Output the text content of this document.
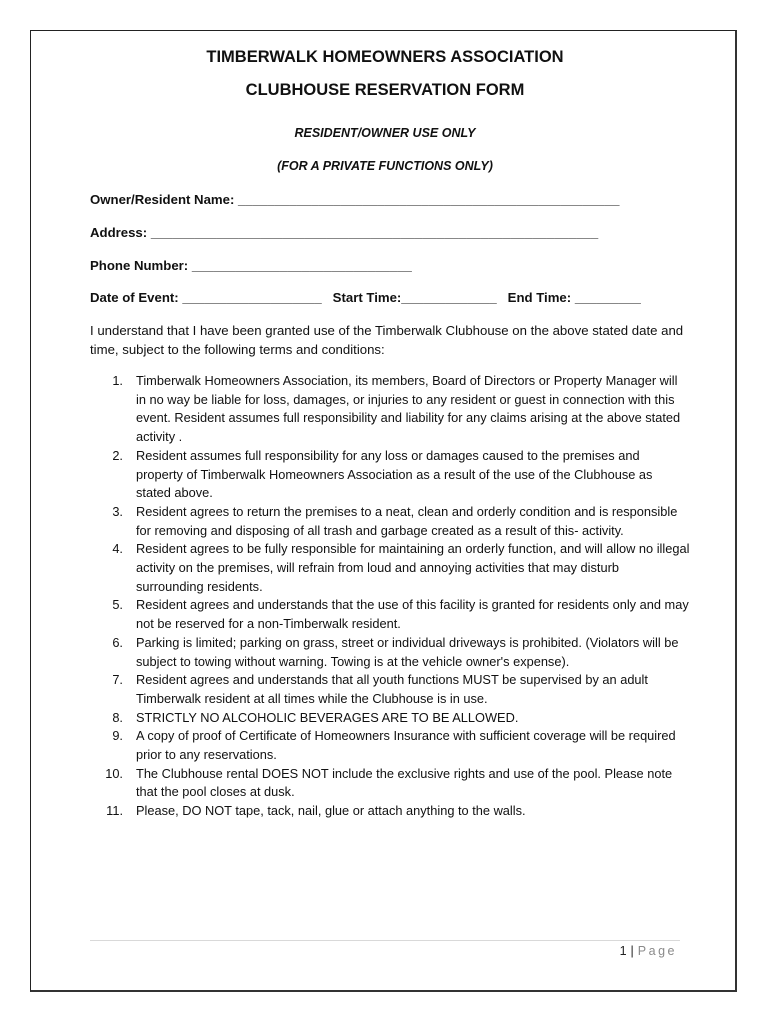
TIMBERWALK HOMEOWNERS ASSOCIATION
CLUBHOUSE RESERVATION FORM

RESIDENT/OWNER USE ONLY

(FOR A PRIVATE FUNCTIONS ONLY)

Owner/Resident Name: ____________________________________________________
Address: _____________________________________________________________
Phone Number: ______________________________
Date of Event: ___________________   Start Time:_____________   End Time: _________

I understand that I have been granted use of the Timberwalk Clubhouse on the above stated date and time, subject to the following terms and conditions:

1. Timberwalk Homeowners Association, its members, Board of Directors or Property Manager will in no way be liable for loss, damages, or injuries to any resident or guest in connection with this event. Resident assumes full responsibility and liability for any claims arising at the above stated activity .
2. Resident assumes full responsibility for any loss or damages caused to the premises and property of Timberwalk Homeowners Association as a result of the use of the Clubhouse as stated above.
3. Resident agrees to return the premises to a neat, clean and orderly condition and is responsible for removing and disposing of all trash and garbage created as a result of this- activity.
4. Resident agrees to be fully responsible for maintaining an orderly function, and will allow no illegal activity on the premises, will refrain from loud and annoying activities that may disturb surrounding residents.
5. Resident agrees and understands that the use of this facility is granted for residents only and may not be reserved for a non-Timberwalk resident.
6. Parking is limited; parking on grass, street or individual driveways is prohibited. (Violators will be subject to towing without warning. Towing is at the vehicle owner's expense).
7. Resident agrees and understands that all youth functions MUST be supervised by an adult Timberwalk resident at all times while the Clubhouse is in use.
8. STRICTLY NO ALCOHOLIC BEVERAGES ARE TO BE ALLOWED.
9. A copy of proof of Certificate of Homeowners Insurance with sufficient coverage will be required prior to any reservations.
10. The Clubhouse rental DOES NOT include the exclusive rights and use of the pool. Please note that the pool closes at dusk.
11. Please, DO NOT tape, tack, nail, glue or attach anything to the walls.
1 | Page
